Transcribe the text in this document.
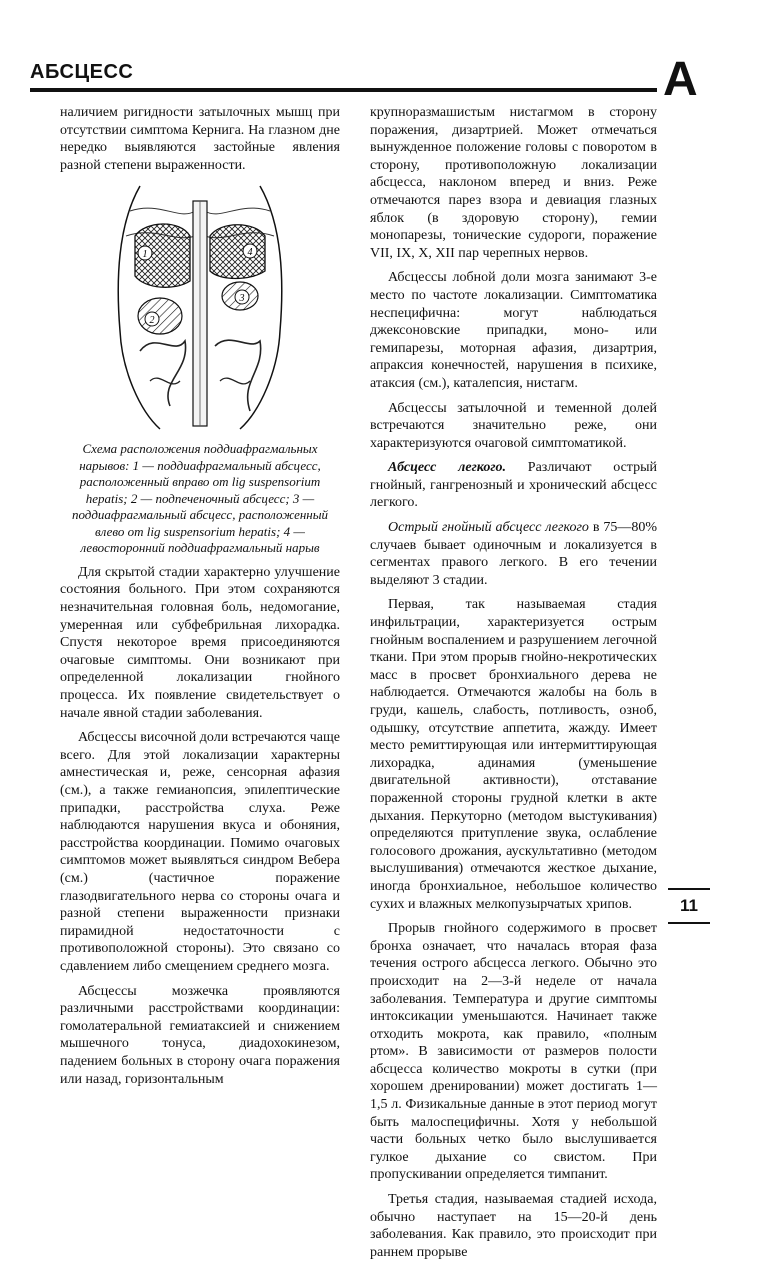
АБСЦЕСС	А

наличием ригидности затылочных мышц при отсутствии симптома Кернига. На глазном дне нередко выявляются застойные явления разной степени выраженности.

1	4
2
3

Схема расположения поддиафрагмальных нарывов: 1 — поддиафрагмальный абсцесс, расположенный вправо от lig suspensorium hepatis; 2 — подпеченочный абсцесс; 3 — поддиафрагмальный абсцесс, расположенный влево от lig suspensorium hepatis; 4 — левосторонний поддиафрагмальный нарыв

Для скрытой стадии характерно улучшение состояния больного. При этом сохраняются незначительная головная боль, недомогание, умеренная или субфебрильная лихорадка. Спустя некоторое время присоединяются очаговые симптомы. Они возникают при определенной локализации гнойного процесса. Их появление свидетельствует о начале явной стадии заболевания.

Абсцессы височной доли встречаются чаще всего. Для этой локализации характерны амнестическая и, реже, сенсорная афазия (см.), а также гемианопсия, эпилептические припадки, расстройства слуха. Реже наблюдаются нарушения вкуса и обоняния, расстройства координации. Помимо очаговых симптомов может выявляться синдром Вебера (см.) (частичное поражение глазодвигательного нерва со стороны очага и разной степени выраженности признаки пирамидной недостаточности с противоположной стороны). Это связано со сдавлением либо смещением среднего мозга.

Абсцессы мозжечка проявляются различными расстройствами координации: гомолатеральной гемиатаксией и снижением мышечного тонуса, диадохокинезом, падением больных в сторону очага поражения или назад, горизонтальным

крупноразмашистым нистагмом в сторону поражения, дизартрией. Может отмечаться вынужденное положение головы с поворотом в сторону, противоположную локализации абсцесса, наклоном вперед и вниз. Реже отмечаются парез взора и девиация глазных яблок (в здоровую сторону), гемии монопарезы, тонические судороги, поражение VII, IX, X, XII пар черепных нервов.

Абсцессы лобной доли мозга занимают 3-е место по частоте локализации. Симптоматика неспецифична: могут наблюдаться джексоновские припадки, моно- или гемипарезы, моторная афазия, дизартрия, апраксия конечностей, нарушения в психике, атаксия (см.), каталепсия, нистагм.

Абсцессы затылочной и теменной долей встречаются значительно реже, они характеризуются очаговой симптоматикой.

Абсцесс легкого. Различают острый гнойный, гангренозный и хронический абсцесс легкого.

Острый гнойный абсцесс легкого в 75—80% случаев бывает одиночным и локализуется в сегментах правого легкого. В его течении выделяют 3 стадии.

Первая, так называемая стадия инфильтрации, характеризуется острым гнойным воспалением и разрушением легочной ткани. При этом прорыв гнойно-некротических масс в просвет бронхиального дерева не наблюдается. Отмечаются жалобы на боль в груди, кашель, слабость, потливость, озноб, одышку, отсутствие аппетита, жажду. Имеет место ремиттирующая или интермиттирующая лихорадка, адинамия (уменьшение двигательной активности), отставание пораженной стороны грудной клетки в акте дыхания. Перкуторно (методом выстукивания) определяются притупление звука, ослабление голосового дрожания, аускультативно (методом выслушивания) отмечаются жесткое дыхание, иногда бронхиальное, небольшое количество сухих и влажных мелкопузырчатых хрипов.

Прорыв гнойного содержимого в просвет бронха означает, что началась вторая фаза течения острого абсцесса легкого. Обычно это происходит на 2—3-й неделе от начала заболевания. Температура и другие симптомы интоксикации уменьшаются. Начинает также отходить мокрота, как правило, «полным ртом». В зависимости от размеров полости абсцесса количество мокроты в сутки (при хорошем дренировании) может достигать 1—1,5 л. Физикальные данные в этот период могут быть малоспецифичны. Хотя у небольшой части больных четко было выслушивается гулкое дыхание со свистом. При пропускивании определяется тимпанит.

Третья стадия, называемая стадией исхода, обычно наступает на 15—20-й день заболевания. Как правило, это происходит при раннем прорыве

11
